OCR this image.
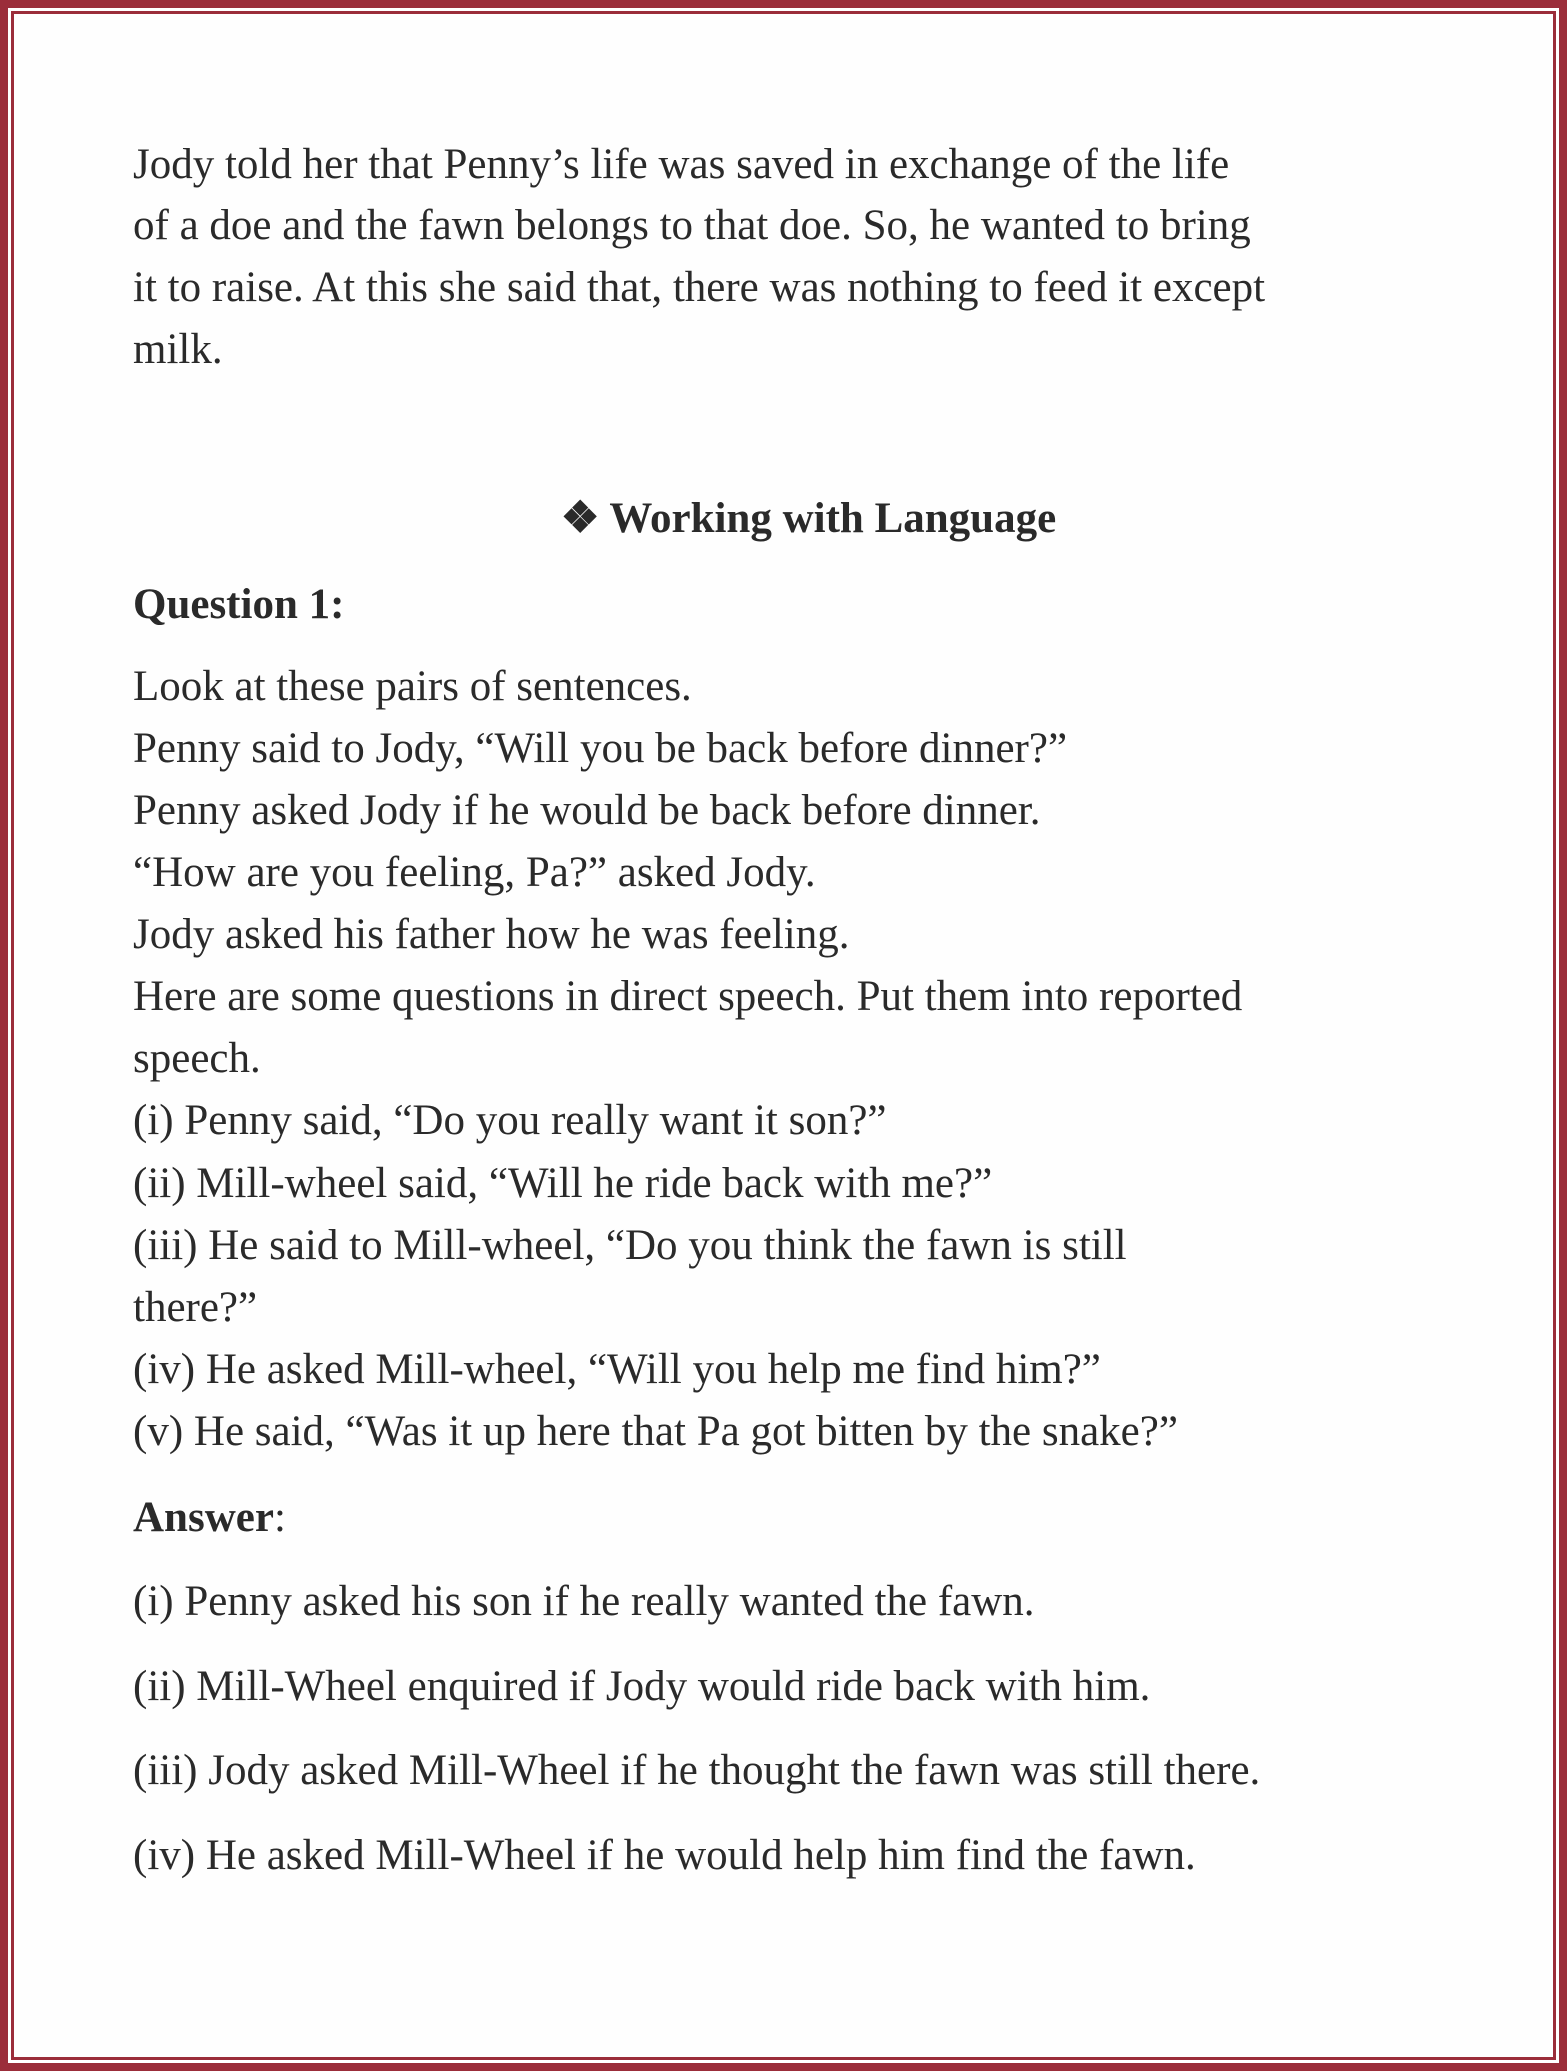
Jody told her that Penny’s life was saved in exchange of the life
of a doe and the fawn belongs to that doe. So, he wanted to bring
it to raise. At this she said that, there was nothing to feed it except
milk.
❖ Working with Language
Question 1:
Look at these pairs of sentences.
Penny said to Jody, “Will you be back before dinner?”
Penny asked Jody if he would be back before dinner.
“How are you feeling, Pa?” asked Jody.
Jody asked his father how he was feeling.
Here are some questions in direct speech. Put them into reported
speech.
(i) Penny said, “Do you really want it son?”
(ii) Mill-wheel said, “Will he ride back with me?”
(iii) He said to Mill-wheel, “Do you think the fawn is still
there?”
(iv) He asked Mill-wheel, “Will you help me find him?”
(v) He said, “Was it up here that Pa got bitten by the snake?”
Answer:
(i) Penny asked his son if he really wanted the fawn.
(ii) Mill-Wheel enquired if Jody would ride back with him.
(iii) Jody asked Mill-Wheel if he thought the fawn was still there.
(iv) He asked Mill-Wheel if he would help him find the fawn.
